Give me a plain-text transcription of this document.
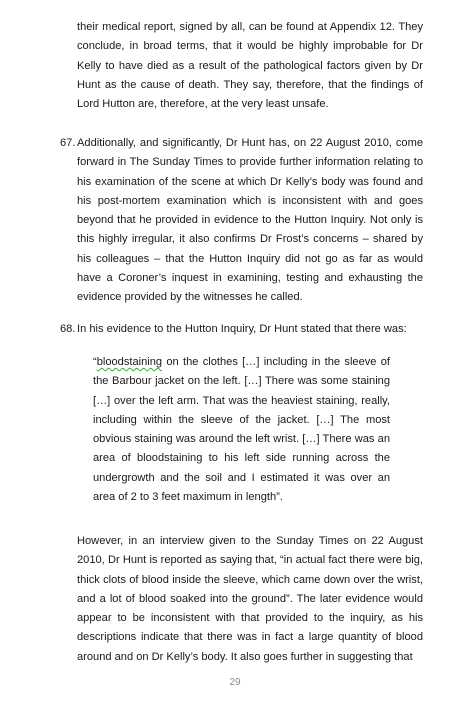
their medical report, signed by all, can be found at Appendix 12. They conclude, in broad terms, that it would be highly improbable for Dr Kelly to have died as a result of the pathological factors given by Dr Hunt as the cause of death. They say, therefore, that the findings of Lord Hutton are, therefore, at the very least unsafe.

67. Additionally, and significantly, Dr Hunt has, on 22 August 2010, come forward in The Sunday Times to provide further information relating to his examination of the scene at which Dr Kelly’s body was found and his post-mortem examination which is inconsistent with and goes beyond that he provided in evidence to the Hutton Inquiry. Not only is this highly irregular, it also confirms Dr Frost’s concerns – shared by his colleagues – that the Hutton Inquiry did not go as far as would have a Coroner’s inquest in examining, testing and exhausting the evidence provided by the witnesses he called.

68. In his evidence to the Hutton Inquiry, Dr Hunt stated that there was:

“bloodstaining on the clothes […] including in the sleeve of the Barbour jacket on the left. […] There was some staining […] over the left arm. That was the heaviest staining, really, including within the sleeve of the jacket. […] The most obvious staining was around the left wrist. […] There was an area of bloodstaining to his left side running across the undergrowth and the soil and I estimated it was over an area of 2 to 3 feet maximum in length”.

However, in an interview given to the Sunday Times on 22 August 2010, Dr Hunt is reported as saying that, “in actual fact there were big, thick clots of blood inside the sleeve, which came down over the wrist, and a lot of blood soaked into the ground”. The later evidence would appear to be inconsistent with that provided to the inquiry, as his descriptions indicate that there was in fact a large quantity of blood around and on Dr Kelly’s body. It also goes further in suggesting that

29
